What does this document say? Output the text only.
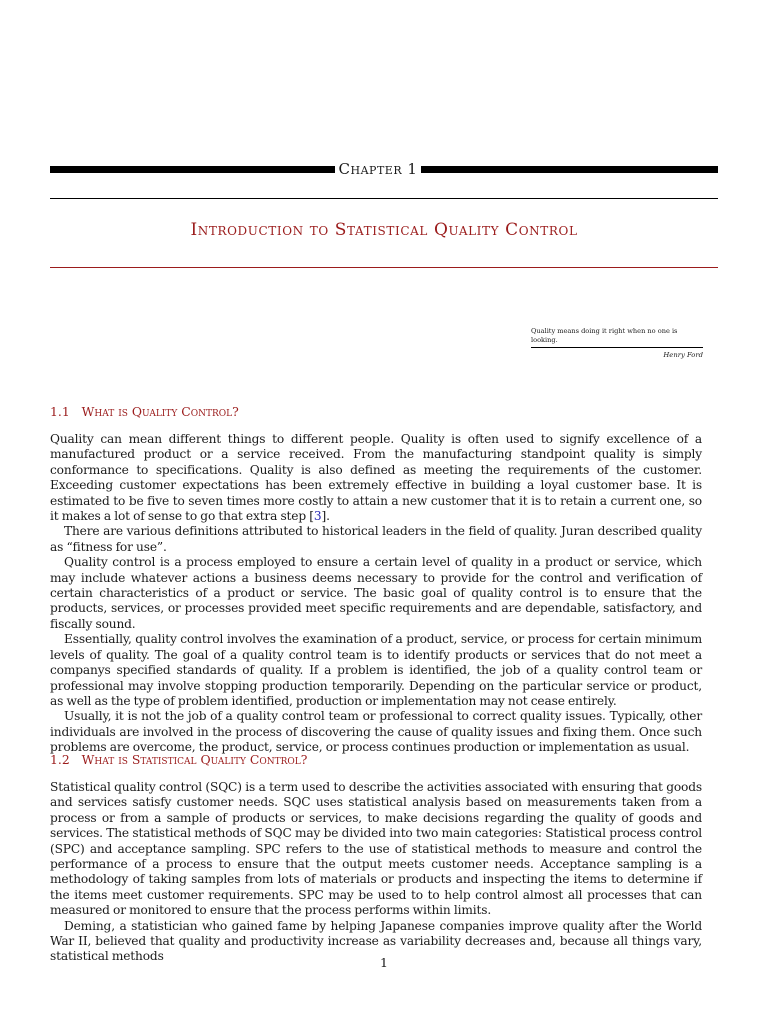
Chapter 1
Introduction to Statistical Quality Control
Quality means doing it right when no one is looking.
Henry Ford
1.1 What is Quality Control?

Quality can mean different things to different people. Quality is often used to signify excellence of a manufactured product or a service received. From the manufacturing standpoint quality is simply conformance to specifications. Quality is also defined as meeting the requirements of the customer. Exceeding customer expectations has been extremely effective in building a loyal customer base. It is estimated to be five to seven times more costly to attain a new customer that it is to retain a current one, so it makes a lot of sense to go that extra step [3].

There are various definitions attributed to historical leaders in the field of quality. Juran described quality as “fitness for use”.

Quality control is a process employed to ensure a certain level of quality in a product or service, which may include whatever actions a business deems necessary to provide for the control and verification of certain characteristics of a product or service. The basic goal of quality control is to ensure that the products, services, or processes provided meet specific requirements and are dependable, satisfactory, and fiscally sound.

Essentially, quality control involves the examination of a product, service, or process for certain minimum levels of quality. The goal of a quality control team is to identify products or services that do not meet a companys specified standards of quality. If a problem is identified, the job of a quality control team or professional may involve stopping production temporarily. Depending on the particular service or product, as well as the type of problem identified, production or implementation may not cease entirely.

Usually, it is not the job of a quality control team or professional to correct quality issues. Typically, other individuals are involved in the process of discovering the cause of quality issues and fixing them. Once such problems are overcome, the product, service, or process continues production or implementation as usual.

1.2 What is Statistical Quality Control?

Statistical quality control (SQC) is a term used to describe the activities associated with ensuring that goods and services satisfy customer needs. SQC uses statistical analysis based on measurements taken from a process or from a sample of products or services, to make decisions regarding the quality of goods and services. The statistical methods of SQC may be divided into two main categories: Statistical process control (SPC) and acceptance sampling. SPC refers to the use of statistical methods to measure and control the performance of a process to ensure that the output meets customer needs. Acceptance sampling is a methodology of taking samples from lots of materials or products and inspecting the items to determine if the items meet customer requirements. SPC may be used to to help control almost all processes that can measured or monitored to ensure that the process performs within limits.

Deming, a statistician who gained fame by helping Japanese companies improve quality after the World War II, believed that quality and productivity increase as variability decreases and, because all things vary, statistical methods	1
